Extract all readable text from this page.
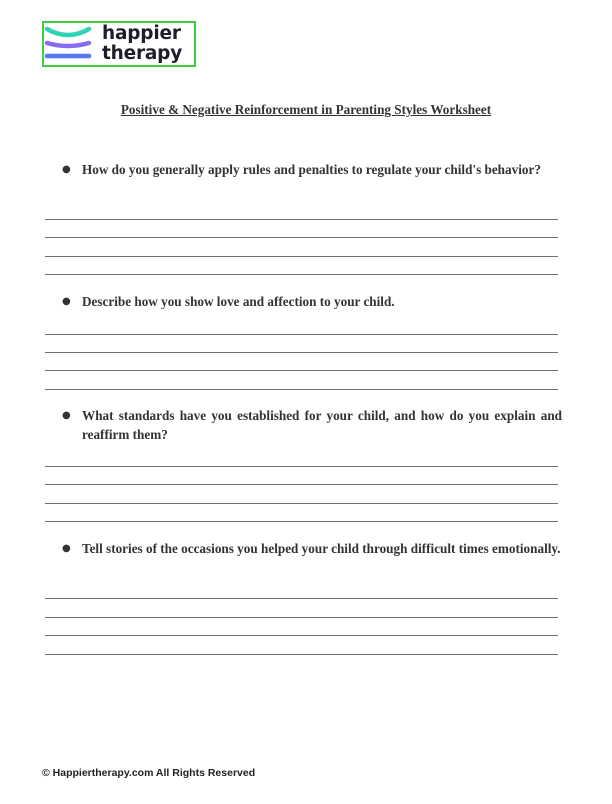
happier
therapy
Positive & Negative Reinforcement in Parenting Styles Worksheet
● How do you generally apply rules and penalties to regulate your child's behavior?
● Describe how you show love and affection to your child.
● What standards have you established for your child, and how do you explain and reaffirm them?
● Tell stories of the occasions you helped your child through difficult times emotionally.
© Happiertherapy.com All Rights Reserved
